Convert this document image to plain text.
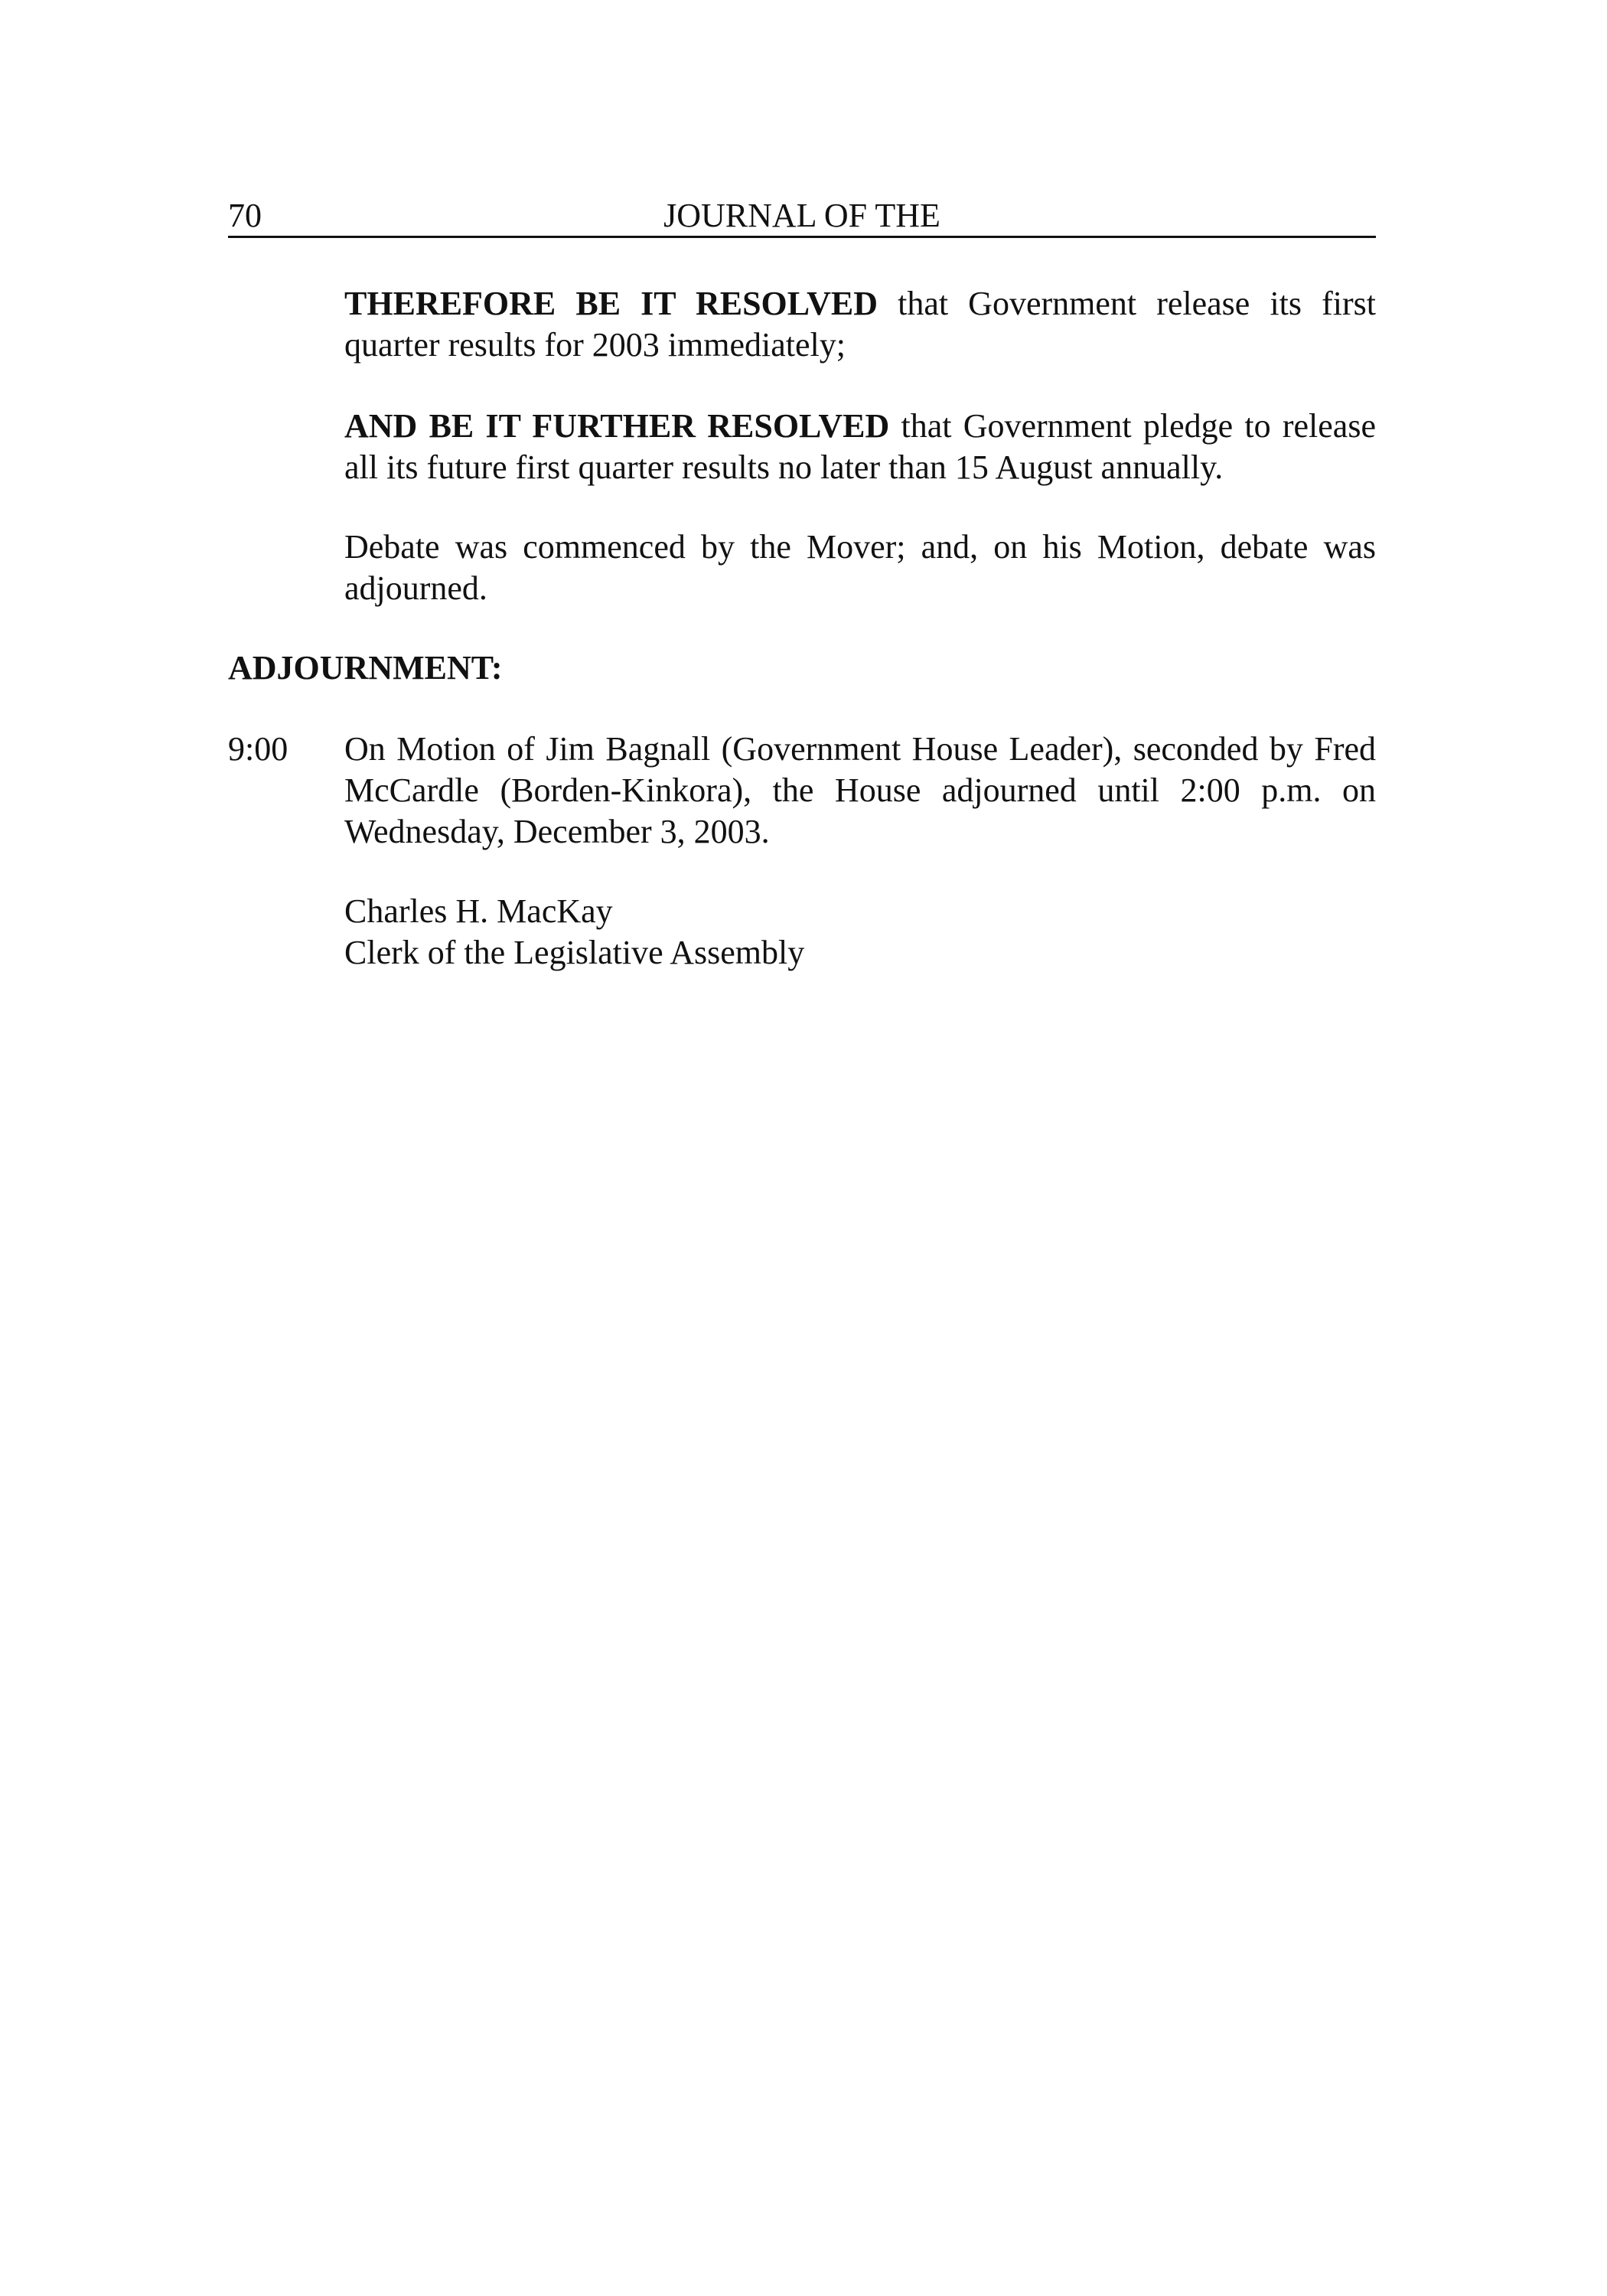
70	JOURNAL OF THE

THEREFORE BE IT RESOLVED that Government release its first quarter results for 2003 immediately;

AND BE IT FURTHER RESOLVED that Government pledge to release all its future first quarter results no later than 15 August annually.

Debate was commenced by the Mover; and, on his Motion, debate was adjourned.

ADJOURNMENT:

9:00 On Motion of Jim Bagnall (Government House Leader), seconded by Fred McCardle (Borden-Kinkora), the House adjourned until 2:00 p.m. on Wednesday, December 3, 2003.

Charles H. MacKay
Clerk of the Legislative Assembly
